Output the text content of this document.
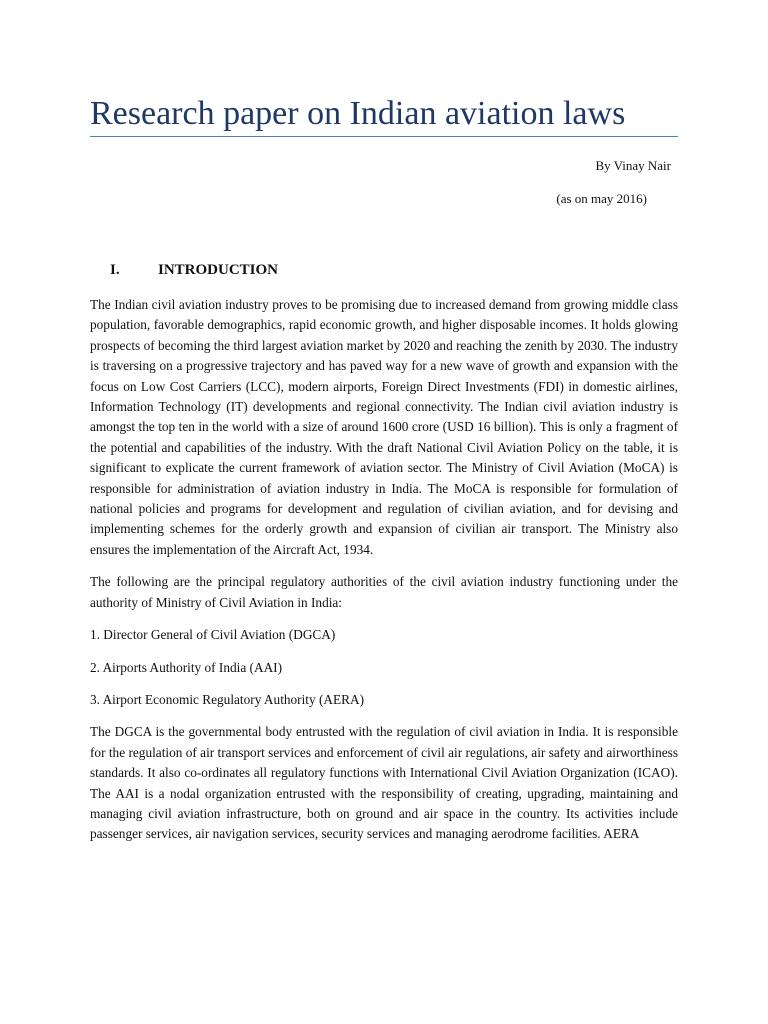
Research paper on Indian aviation laws
By Vinay Nair
(as on may 2016)
I.	INTRODUCTION

The Indian civil aviation industry proves to be promising due to increased demand from growing middle class population, favorable demographics, rapid economic growth, and higher disposable incomes. It holds glowing prospects of becoming the third largest aviation market by 2020 and reaching the zenith by 2030. The industry is traversing on a progressive trajectory and has paved way for a new wave of growth and expansion with the focus on Low Cost Carriers (LCC), modern airports, Foreign Direct Investments (FDI) in domestic airlines, Information Technology (IT) developments and regional connectivity. The Indian civil aviation industry is amongst the top ten in the world with a size of around 1600 crore (USD 16 billion). This is only a fragment of the potential and capabilities of the industry. With the draft National Civil Aviation Policy on the table, it is significant to explicate the current framework of aviation sector. The Ministry of Civil Aviation (MoCA) is responsible for administration of aviation industry in India. The MoCA is responsible for formulation of national policies and programs for development and regulation of civilian aviation, and for devising and implementing schemes for the orderly growth and expansion of civilian air transport. The Ministry also ensures the implementation of the Aircraft Act, 1934.

The following are the principal regulatory authorities of the civil aviation industry functioning under the authority of Ministry of Civil Aviation in India:

1. Director General of Civil Aviation (DGCA)

2. Airports Authority of India (AAI)

3. Airport Economic Regulatory Authority (AERA)

The DGCA is the governmental body entrusted with the regulation of civil aviation in India. It is responsible for the regulation of air transport services and enforcement of civil air regulations, air safety and airworthiness standards. It also co-ordinates all regulatory functions with International Civil Aviation Organization (ICAO). The AAI is a nodal organization entrusted with the responsibility of creating, upgrading, maintaining and managing civil aviation infrastructure, both on ground and air space in the country. Its activities include passenger services, air navigation services, security services and managing aerodrome facilities. AERA
